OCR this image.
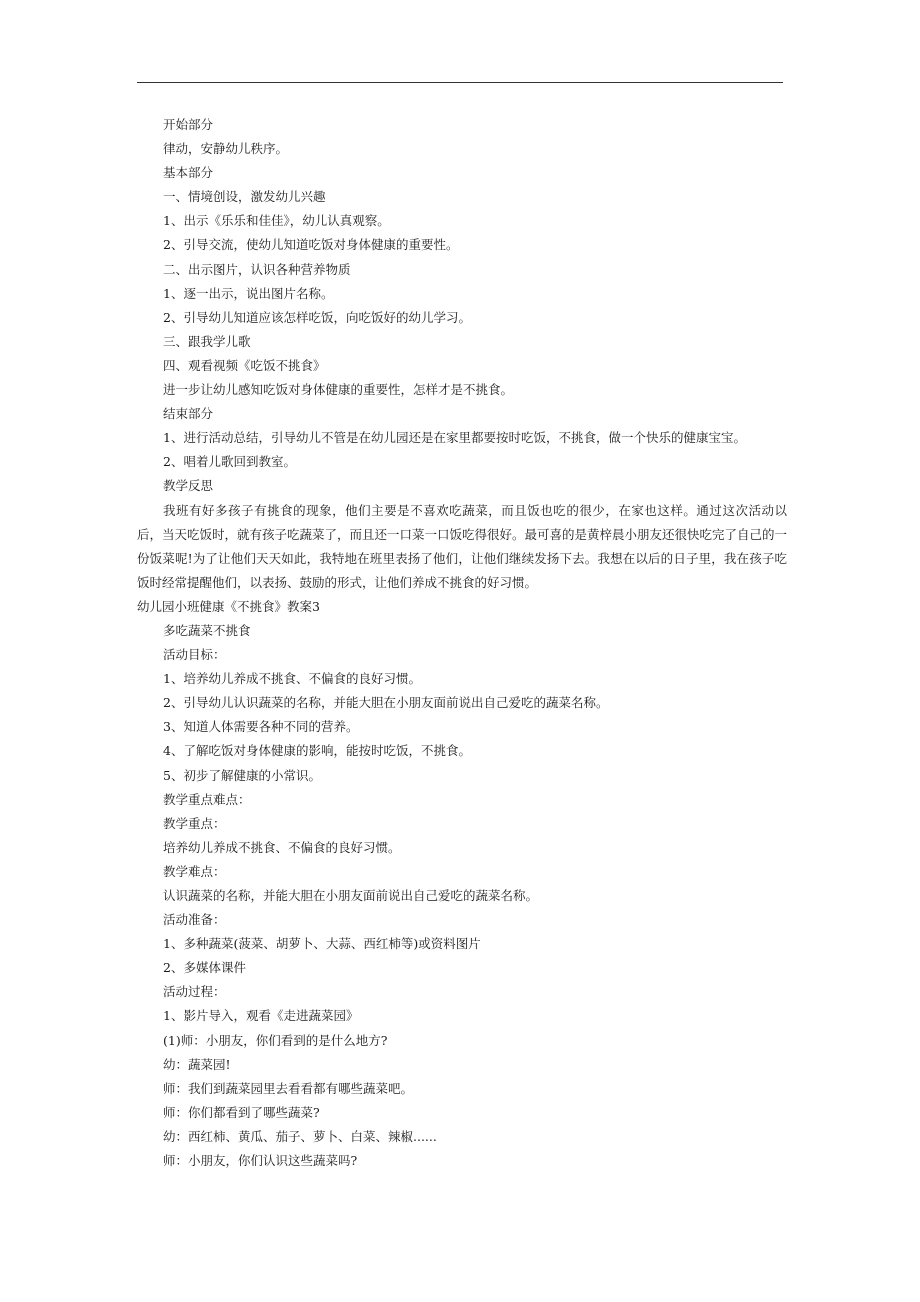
开始部分
律动，安静幼儿秩序。
基本部分
一、情境创设，激发幼儿兴趣
1、出示《乐乐和佳佳》，幼儿认真观察。
2、引导交流，使幼儿知道吃饭对身体健康的重要性。
二、出示图片，认识各种营养物质
1、逐一出示，说出图片名称。
2、引导幼儿知道应该怎样吃饭，向吃饭好的幼儿学习。
三、跟我学儿歌
四、观看视频《吃饭不挑食》
进一步让幼儿感知吃饭对身体健康的重要性，怎样才是不挑食。
结束部分
1、进行活动总结，引导幼儿不管是在幼儿园还是在家里都要按时吃饭，不挑食，做一个快乐的健康宝宝。
2、唱着儿歌回到教室。
教学反思
我班有好多孩子有挑食的现象，他们主要是不喜欢吃蔬菜，而且饭也吃的很少，在家也这样。通过这次活动以后，当天吃饭时，就有孩子吃蔬菜了，而且还一口菜一口饭吃得很好。最可喜的是黄梓晨小朋友还很快吃完了自己的一份饭菜呢!为了让他们天天如此，我特地在班里表扬了他们，让他们继续发扬下去。我想在以后的日子里，我在孩子吃饭时经常提醒他们，以表扬、鼓励的形式，让他们养成不挑食的好习惯。
幼儿园小班健康《不挑食》教案3
多吃蔬菜不挑食
活动目标：
1、培养幼儿养成不挑食、不偏食的良好习惯。
2、引导幼儿认识蔬菜的名称，并能大胆在小朋友面前说出自己爱吃的蔬菜名称。
3、知道人体需要各种不同的营养。
4、了解吃饭对身体健康的影响，能按时吃饭，不挑食。
5、初步了解健康的小常识。
教学重点难点：
教学重点：
培养幼儿养成不挑食、不偏食的良好习惯。
教学难点：
认识蔬菜的名称，并能大胆在小朋友面前说出自己爱吃的蔬菜名称。
活动准备：
1、多种蔬菜(菠菜、胡萝卜、大蒜、西红柿等)或资料图片
2、多媒体课件
活动过程：
1、影片导入，观看《走进蔬菜园》
(1)师：小朋友，你们看到的是什么地方?
幼：蔬菜园!
师：我们到蔬菜园里去看看都有哪些蔬菜吧。
师：你们都看到了哪些蔬菜?
幼：西红柿、黄瓜、茄子、萝卜、白菜、辣椒......
师：小朋友，你们认识这些蔬菜吗?
